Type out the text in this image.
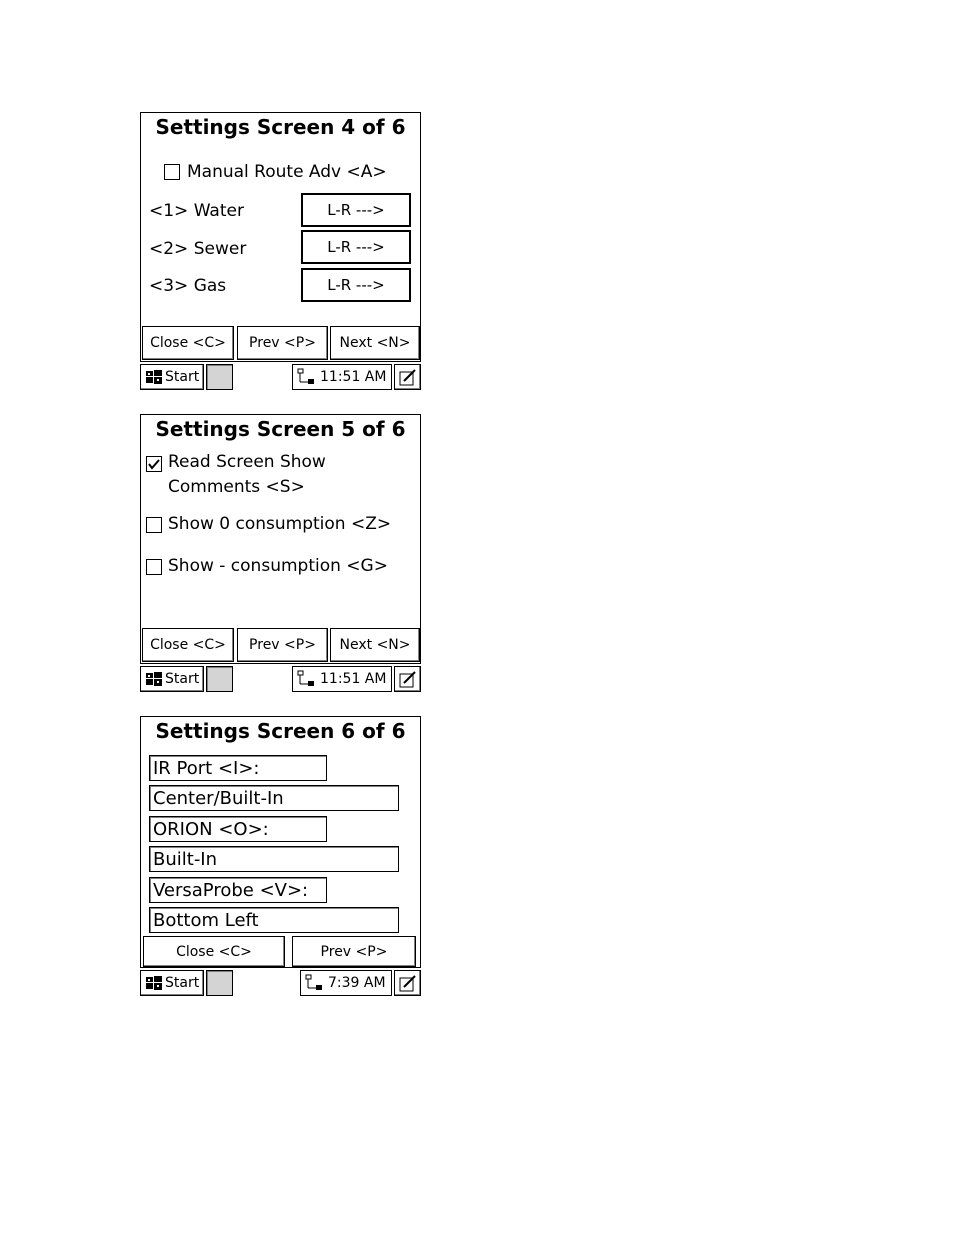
Settings Screen 4 of 6
Manual Route Adv <A>
<1> Water	L-R --->
<2> Sewer	L-R --->
<3> Gas	L-R --->
Close <C>	Prev <P>	Next <N>
Start	11:51 AM
Settings Screen 5 of 6
Read Screen Show
Comments <S>
Show 0 consumption <Z>
Show - consumption <G>
Close <C>	Prev <P>	Next <N>
Start	11:51 AM
Settings Screen 6 of 6
IR Port <I>:
Center/Built-In
ORION <O>:
Built-In
VersaProbe <V>:
Bottom Left
Close <C>	Prev <P>
Start	7:39 AM
